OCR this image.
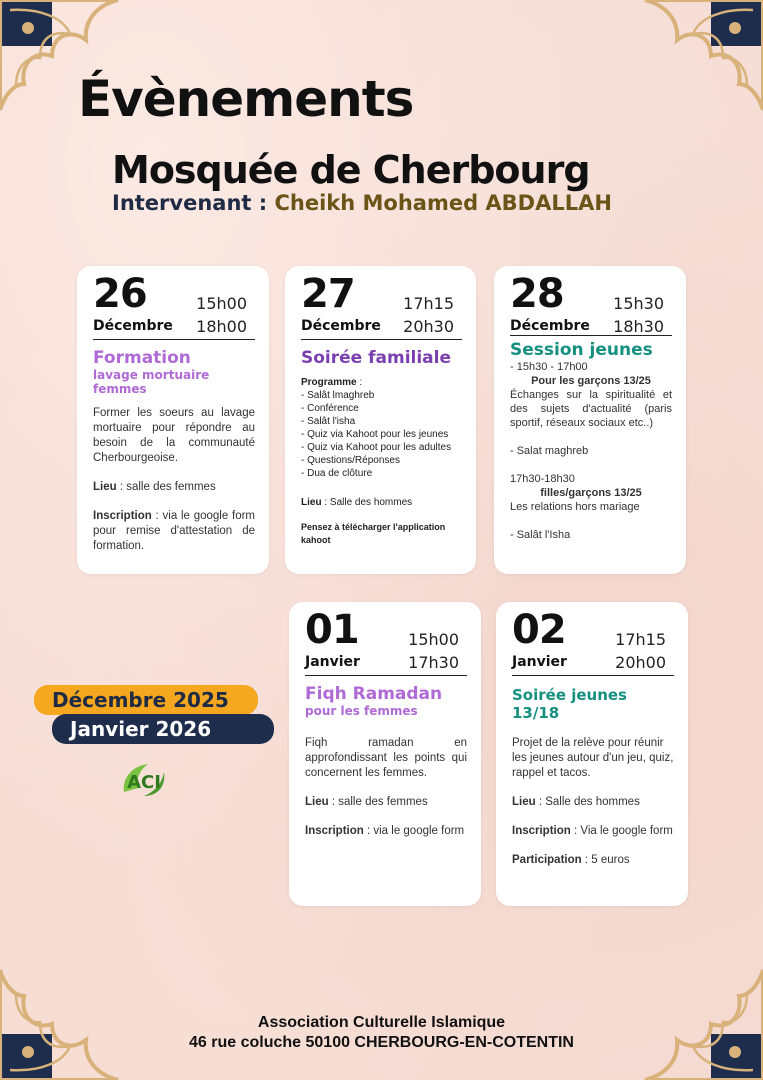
Évènements
Mosquée de Cherbourg
Intervenant : Cheikh Mohamed ABDALLAH
26
Décembre
15h00
18h00
Formation
lavage mortuaire femmes

Former les soeurs au lavage mortuaire pour répondre au besoin de la communauté Cherbourgeoise.

Lieu : salle des femmes

Inscription : via le google form pour remise d'attestation de formation.

27
Décembre
17h15
20h30
Soirée familiale
Programme :
- Salât lmaghreb
- Conférence
- Salât l'isha
- Quiz via Kahoot pour les jeunes
- Quiz via Kahoot pour les adultes
- Questions/Réponses
- Dua de clôture
Lieu : Salle des hommes
Pensez à télécharger l'application kahoot
28
Décembre
15h30
18h30
Session jeunes
- 15h30 - 17h00
Pour les garçons 13/25
Échanges sur la spiritualité et des sujets d'actualité (paris sportif, réseaux sociaux etc..)
- Salat maghreb
17h30-18h30
filles/garçons 13/25
Les relations hors mariage
- Salât l'Isha
01
Janvier
15h00
17h30
Fiqh Ramadan
pour les femmes

Fiqh ramadan en approfondissant les points qui concernent les femmes.

Lieu : salle des femmes

Inscription : via le google form

02
Janvier
17h15
20h00
Soirée jeunes 13/18

Projet de la relève pour réunir les jeunes autour d'un jeu, quiz, rappel et tacos.

Lieu : Salle des hommes

Inscription : Via le google form

Participation : 5 euros

Décembre 2025
Janvier 2026
ACI
Association Culturelle Islamique
46 rue coluche 50100 CHERBOURG-EN-COTENTIN
